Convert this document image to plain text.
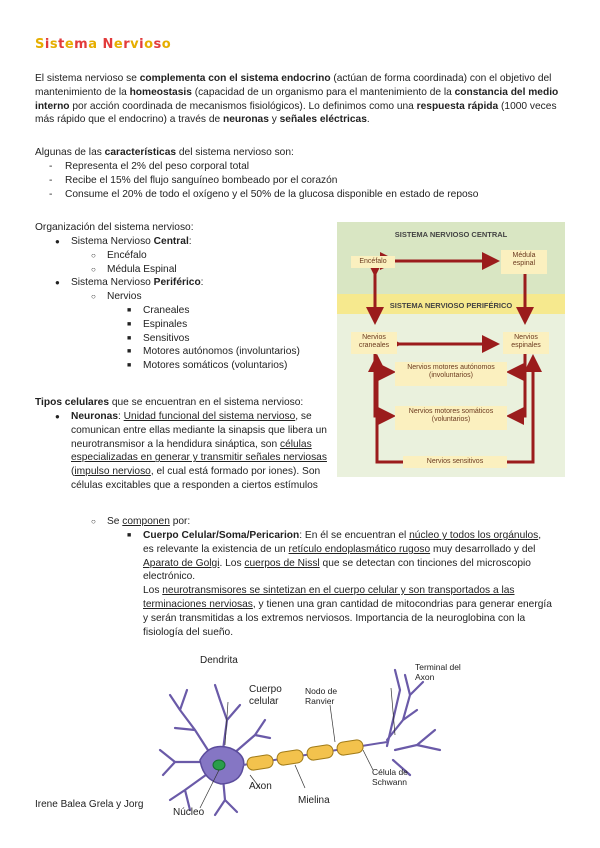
Sistema Nervioso
El sistema nervioso se complementa con el sistema endocrino (actúan de forma coordinada) con el objetivo del mantenimiento de la homeostasis (capacidad de un organismo para el mantenimiento de la constancia del medio interno por acción coordinada de mecanismos fisiológicos). Lo definimos como una respuesta rápida (1000 veces más rápido que el endocrino) a través de neuronas y señales eléctricas.
Algunas de las características del sistema nervioso son:
- Representa el 2% del peso corporal total
- Recibe el 15% del flujo sanguíneo bombeado por el corazón
- Consume el 20% de todo el oxígeno y el 50% de la glucosa disponible en estado de reposo
Organización del sistema nervioso:
● Sistema Nervioso Central:
○ Encéfalo
○ Médula Espinal
● Sistema Nervioso Periférico:
○ Nervios
■ Craneales
■ Espinales
■ Sensitivos
■ Motores autónomos (involuntarios)
■ Motores somáticos (voluntarios)
SISTEMA NERVIOSO CENTRAL
SISTEMA NERVIOSO PERIFÉRICO
Encéfalo
Médula espinal
Nervios craneales
Nervios espinales
Nervios motores autónomos (involuntarios)
Nervios motores somáticos (voluntarios)
Nervios sensitivos
Tipos celulares que se encuentran en el sistema nervioso:
● Neuronas: Unidad funcional del sistema nervioso, se comunican entre ellas mediante la sinapsis que libera un neurotransmisor a la hendidura sináptica, son células especializadas en generar y transmitir señales nerviosas (impulso nervioso, el cual está formado por iones). Son células excitables que a responden a ciertos estímulos
○ Se componen por:
■ Cuerpo Celular/Soma/Pericarion: En él se encuentran el núcleo y todos los orgánulos, es relevante la existencia de un retículo endoplasmático rugoso muy desarrollado y del Aparato de Golgi. Los cuerpos de Nissl que se detectan con tinciones del microscopio electrónico.
Los neurotransmisores se sintetizan en el cuerpo celular y son transportados a las terminaciones nerviosas, y tienen una gran cantidad de mitocondrias para generar energía y serán transmitidas a los extremos nerviosos. Importancia de la neuroglobina con la fisiología del sueño.
Dendrita
Cuerpo celular
Nodo de Ranvier
Terminal del Axon
Axon
Célula de Schwann
Mielina
Núcleo
Irene Balea Grela y Jorg
